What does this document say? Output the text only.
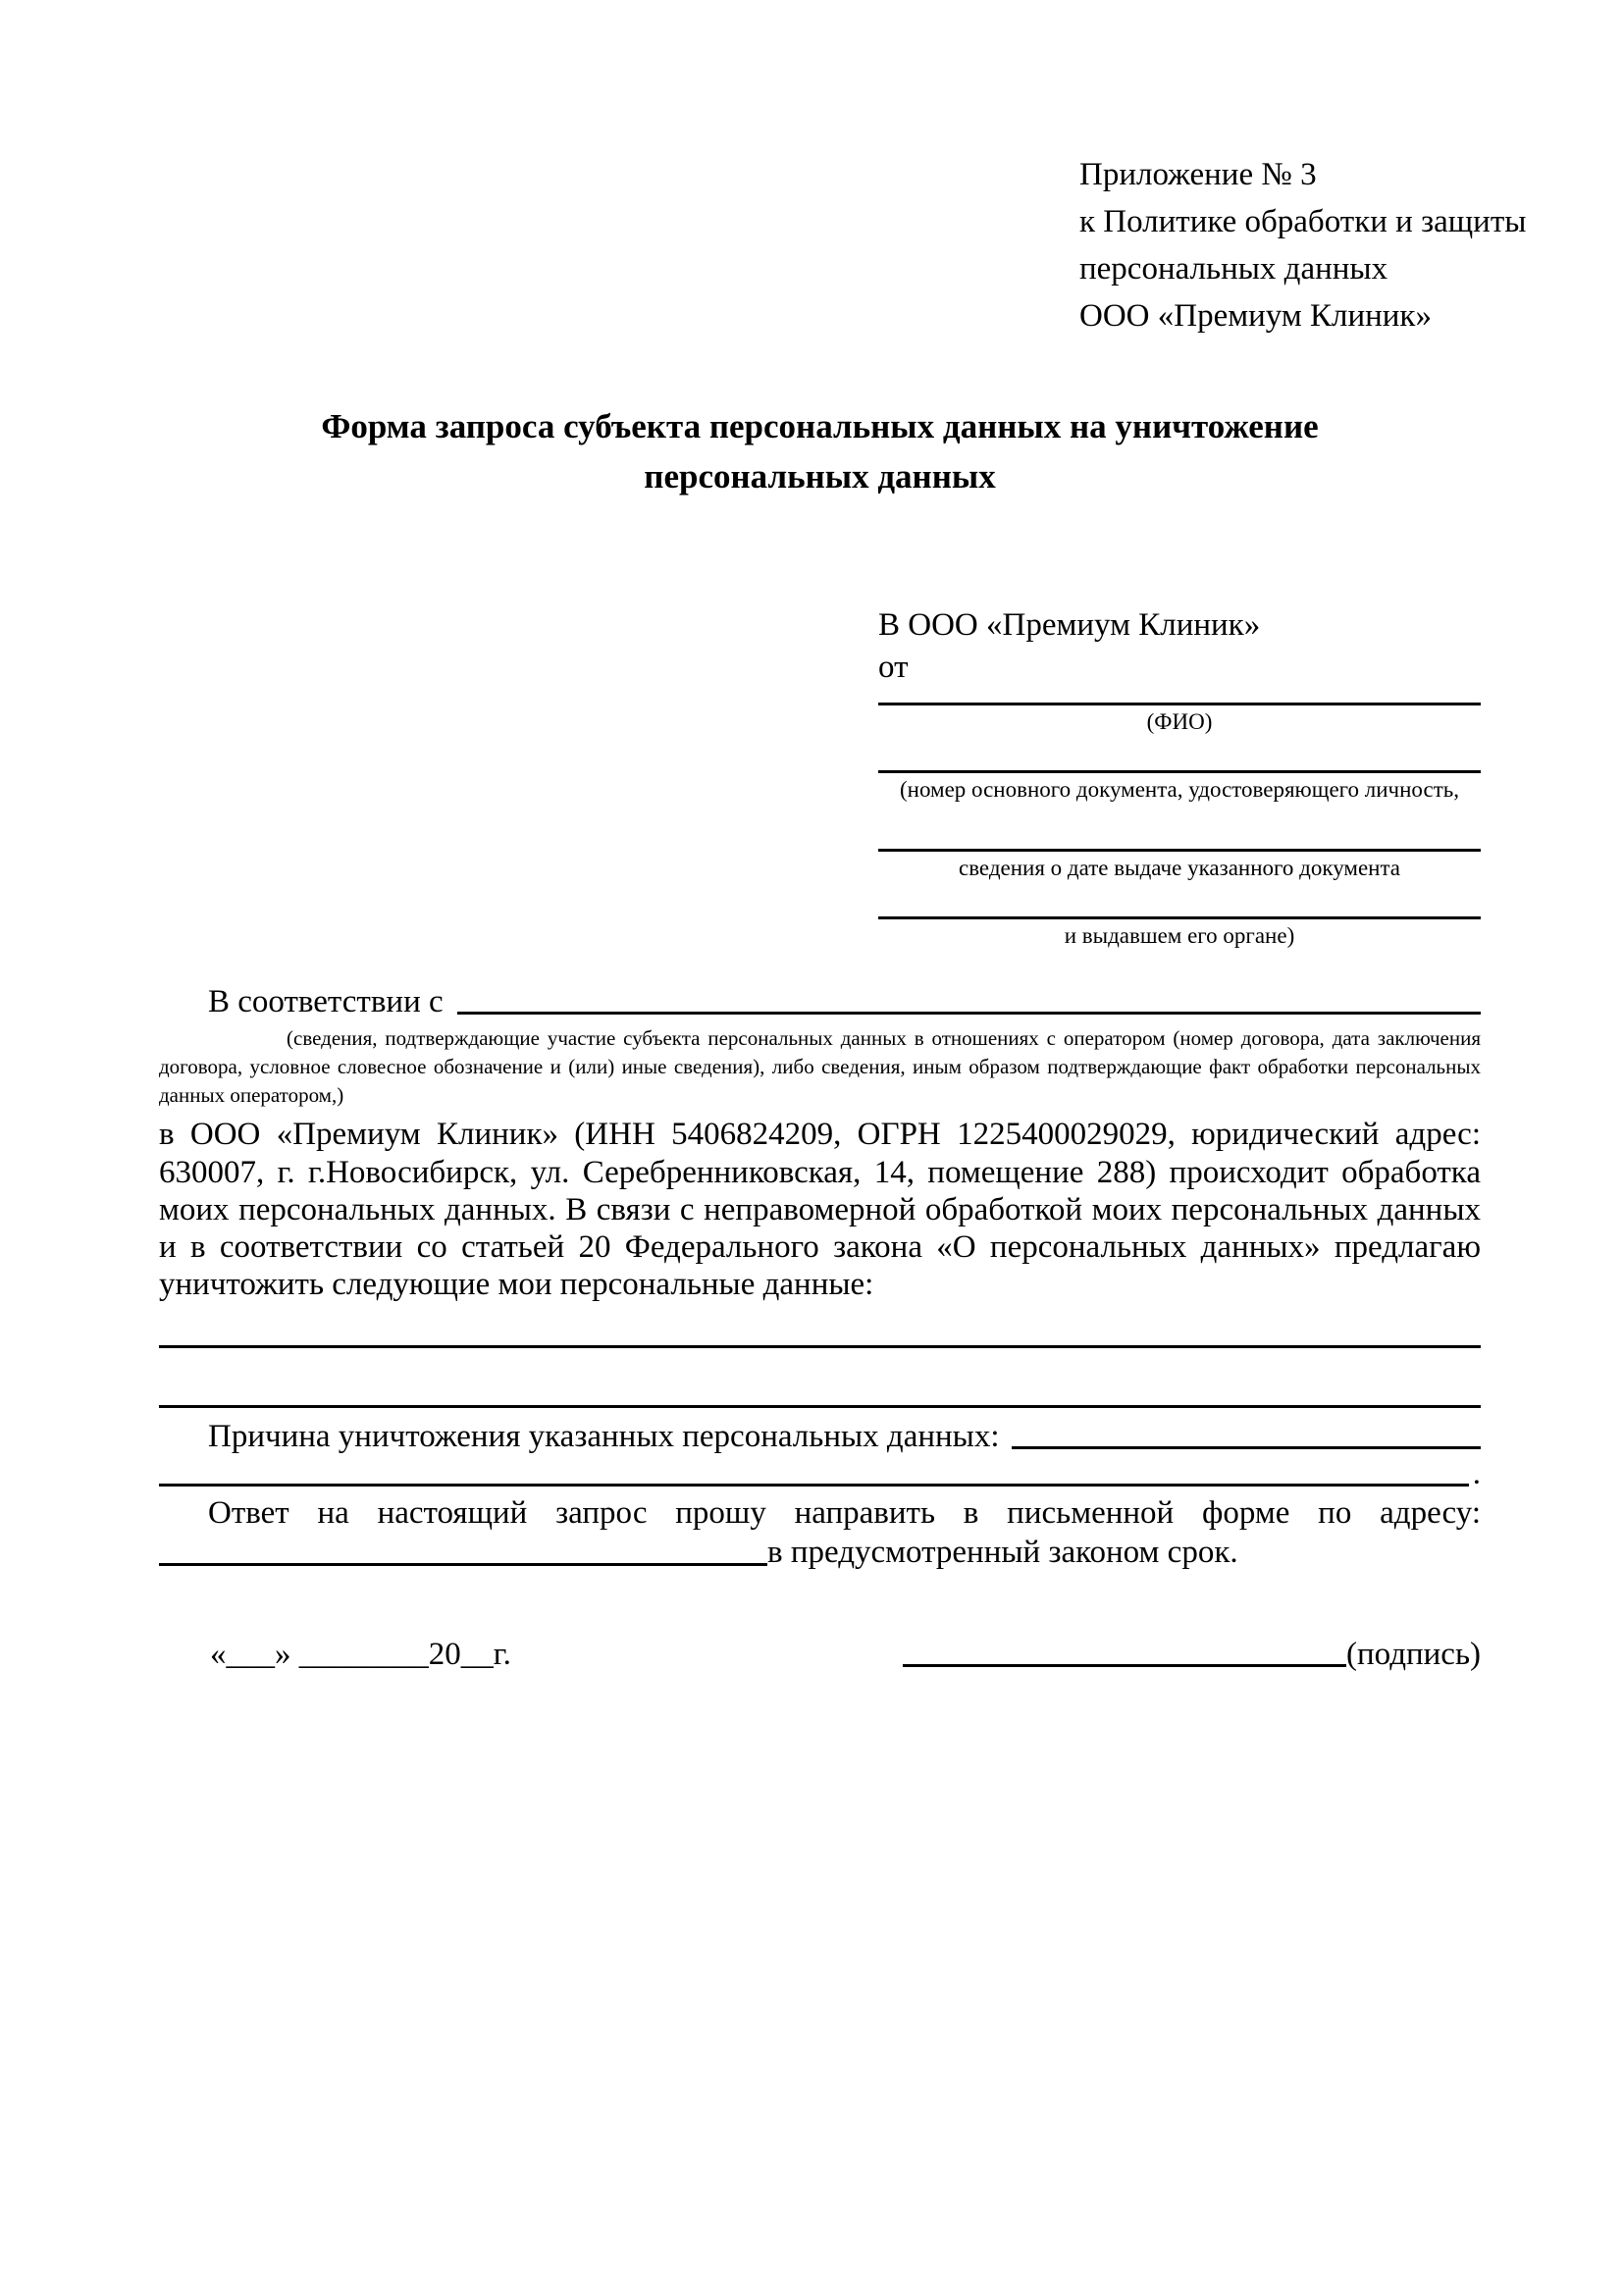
Приложение № 3
к Политике обработки и защиты
персональных данных
ООО «Премиум Клиник»
Форма запроса субъекта персональных данных на уничтожение персональных данных
В ООО «Премиум Клиник»
от
(ФИО)
(номер основного документа, удостоверяющего личность,
сведения о дате выдаче указанного документа
и выдавшем его органе)
В соответствии с
(сведения, подтверждающие участие субъекта персональных данных в отношениях с оператором (номер договора, дата заключения договора, условное словесное обозначение и (или) иные сведения), либо сведения, иным образом подтверждающие факт обработки персональных данных оператором,)
в ООО «Премиум Клиник» (ИНН 5406824209, ОГРН 1225400029029, юридический адрес: 630007, г. г.Новосибирск, ул. Серебренниковская, 14, помещение 288) происходит обработка моих персональных данных. В связи с неправомерной обработкой моих персональных данных и в соответствии со статьей 20 Федерального закона «О персональных данных» предлагаю уничтожить следующие мои персональные данные:
Причина уничтожения указанных персональных данных:
.
Ответ на настоящий запрос прошу направить в письменной форме по адресу:
в предусмотренный законом срок.
«___» ________20__г.	(подпись)
